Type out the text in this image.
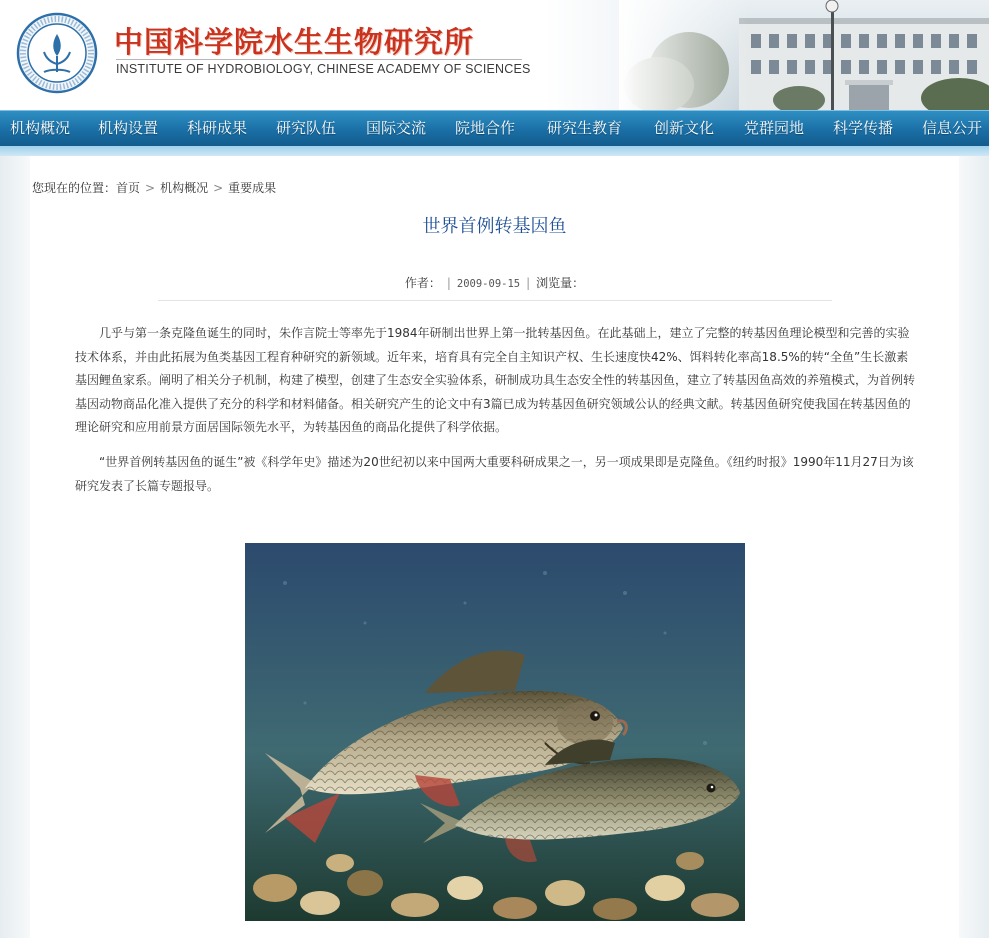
中国科学院水生生物研究所
INSTITUTE OF HYDROBIOLOGY, CHINESE ACADEMY OF SCIENCES
机构概况 机构设置 科研成果 研究队伍 国际交流 院地合作 研究生教育 创新文化 党群园地 科学传播 信息公开
您现在的位置：首页 > 机构概况 > 重要成果
世界首例转基因鱼
作者： | 2009-09-15 | 浏览量：

几乎与第一条克隆鱼诞生的同时，朱作言院士等率先于1984年研制出世界上第一批转基因鱼。在此基础上，建立了完整的转基因鱼理论模型和完善的实验技术体系，并由此拓展为鱼类基因工程育种研究的新领域。近年来，培育具有完全自主知识产权、生长速度快42%、饵料转化率高18.5%的转“全鱼”生长激素基因鲤鱼家系。阐明了相关分子机制，构建了模型，创建了生态安全实验体系，研制成功具生态安全性的转基因鱼，建立了转基因鱼高效的养殖模式，为首例转基因动物商品化准入提供了充分的科学和材料储备。相关研究产生的论文中有3篇已成为转基因鱼研究领域公认的经典文献。转基因鱼研究使我国在转基因鱼的理论研究和应用前景方面居国际领先水平，为转基因鱼的商品化提供了科学依据。

“世界首例转基因鱼的诞生”被《科学年史》描述为20世纪初以来中国两大重要科研成果之一，另一项成果即是克隆鱼。《纽约时报》1990年11月27日为该研究发表了长篇专题报导。
